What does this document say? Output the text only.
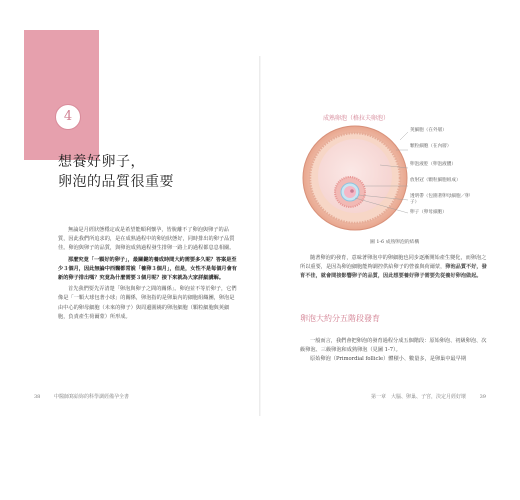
4
想養好卵子，
卵泡的品質很重要

無論是月經狀態穩定或是希望能順利懷孕，皆脫離不了卵泡與卵子的品質，因此我們所追求的，是在成熟過程中的卵泡狀態好，同時排出的卵子品質佳。卵泡與卵子的品質，與卵泡成熟過程發生排卵一路上的過程都息息相關。

那麼究竟「一顆好的卵子」，最關鍵的養成時間大約需要多久呢？答案是至少３個月，因此無論中西醫都常說「養卵３個月」，但是，女性不是每個月會有新的卵子排出嗎？究竟為什麼需要３個月呢？接下來就為大家詳細講解。

首先我們要先弄清楚「卵泡與卵子之間的關係」。卵泡並不等於卵子，它們像是「一顆大球包著小球」的關係，卵泡指的是卵巢內的細胞組織團，卵泡是由中心的卵母細胞（未來的卵子）與周邊圍繞的卵泡細胞（顆粒細胞與莢細胞，負責產生荷爾蒙）所形成。

38	中醫師寫給妳的科學調經備孕全書
成熟卵泡（格拉夫卵泡）
莢細胞（在外層）
顆粒細胞（在內層）
卵泡液腔（卵泡液體）
放射冠（顆粒細胞組成）
透明帶（包圍著卵母細胞／卵子）
卵子（卵母細胞）
圖 1-6 成熟卵泡的結構

隨著卵泡的發育，意味著卵泡中的卵細胞也同步逐漸開始產生變化，而卵泡之所以重要，是因為卵泡細胞能夠調控供給卵子的營養與荷爾蒙，卵泡品質不好，發育不佳，就會間接影響卵子的品質，因此想要養好卵子需要先從養好卵泡做起。

卵泡大約分五階段發育

一般而言，我們會把卵泡的發育過程分成五個階段：原始卵泡、初級卵泡、次級卵泡、三級卵泡和成熟卵泡（見圖 1-7）。

原始卵泡（Primordial follicle）體積小、數量多，是卵巢中最早期

第一章　大腦、卵巢、子宮，決定月經好壞	39
